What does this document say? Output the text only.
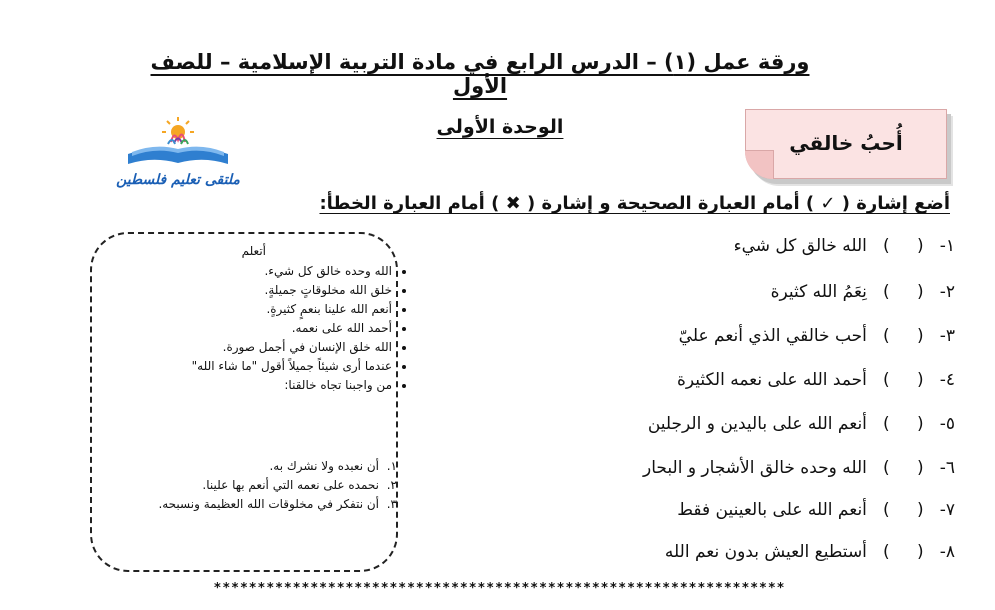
ورقة عمل (١) – الدرس الرابع في مادة التربية الإسلامية – للصف الأول
ملتقى تعليم فلسطين
الوحدة الأولى
أُحبُ خالقي
أضع إشارة ( ✓ ) أمام العبارة الصحيحة و إشارة ( ✖ ) أمام العبارة الخطأ:
١- ( ) الله خالق كل شيء
٢- ( ) نِعَمُ الله كثيرة
٣- ( ) أحب خالقي الذي أنعم عليّ
٤- ( ) أحمد الله على نعمه الكثيرة
٥- ( ) أنعم الله على باليدين و الرجلين
٦- ( ) الله وحده خالق الأشجار و البحار
٧- ( ) أنعم الله على بالعينين فقط
٨- ( ) أستطيع العيش بدون نعم الله
أتعلم
• الله وحده خالق كل شيء.
• خلق الله مخلوقاتٍ جميلةٍ.
• أنعم الله علينا بنعمٍ كثيرةٍ.
• أحمد الله على نعمه.
• الله خلق الإنسان في أجمل صورة.
• عندما أرى شيئاً جميلاً أقول "ما شاء الله"
• من واجبنا تجاه خالقنا:
١.
أن نعبده ولا نشرك به.
٢.
نحمده على نعمه التي أنعم بها علينا.
٣.
أن نتفكر في مخلوقات الله العظيمة ونسبحه.
*****************************************************************
